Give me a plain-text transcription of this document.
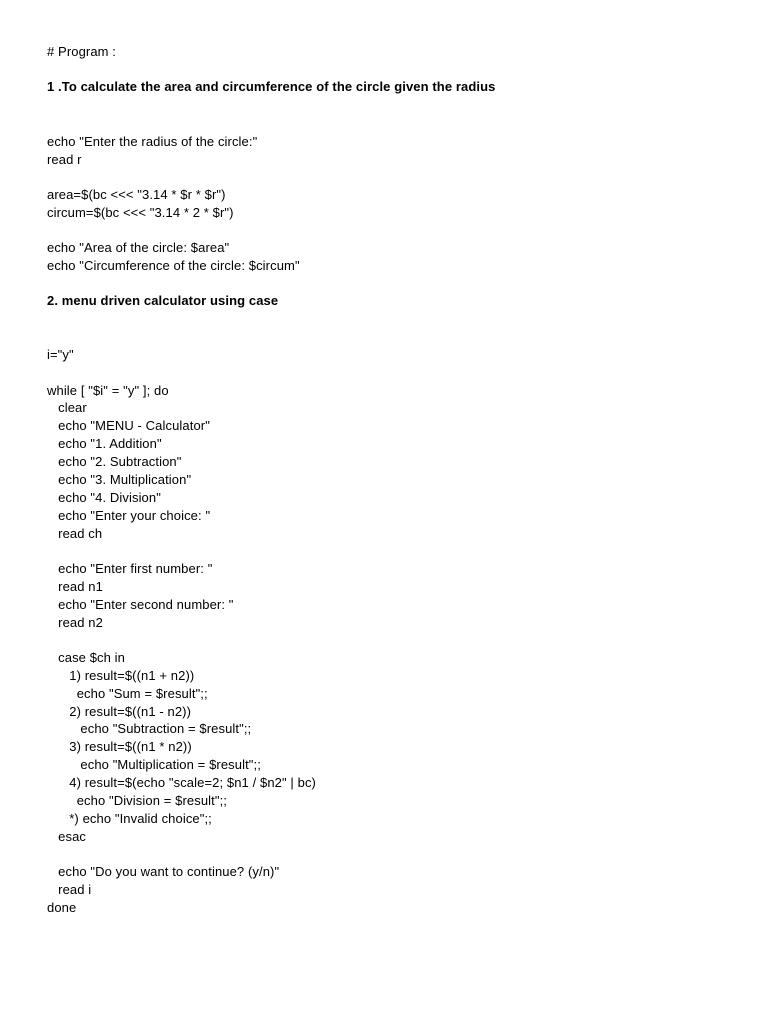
# Program :
1 .To calculate the area and circumference of the circle given the radius
echo "Enter the radius of the circle:"
read r
area=$(bc <<< "3.14 * $r * $r")
circum=$(bc <<< "3.14 * 2 * $r")
echo "Area of the circle: $area"
echo "Circumference of the circle: $circum"
2. menu driven calculator using case
i="y"
while [ "$i" = "y" ]; do
clear
echo "MENU - Calculator"
echo "1. Addition"
echo "2. Subtraction"
echo "3. Multiplication"
echo "4. Division"
echo "Enter your choice: "
read ch
echo "Enter first number: "
read n1
echo "Enter second number: "
read n2
case $ch in
1) result=$((n1 + n2))
echo "Sum = $result";;
2) result=$((n1 - n2))
echo "Subtraction = $result";;
3) result=$((n1 * n2))
echo "Multiplication = $result";;
4) result=$(echo "scale=2; $n1 / $n2" | bc)
echo "Division = $result";;
*) echo "Invalid choice";;
esac
echo "Do you want to continue? (y/n)"
read i
done
